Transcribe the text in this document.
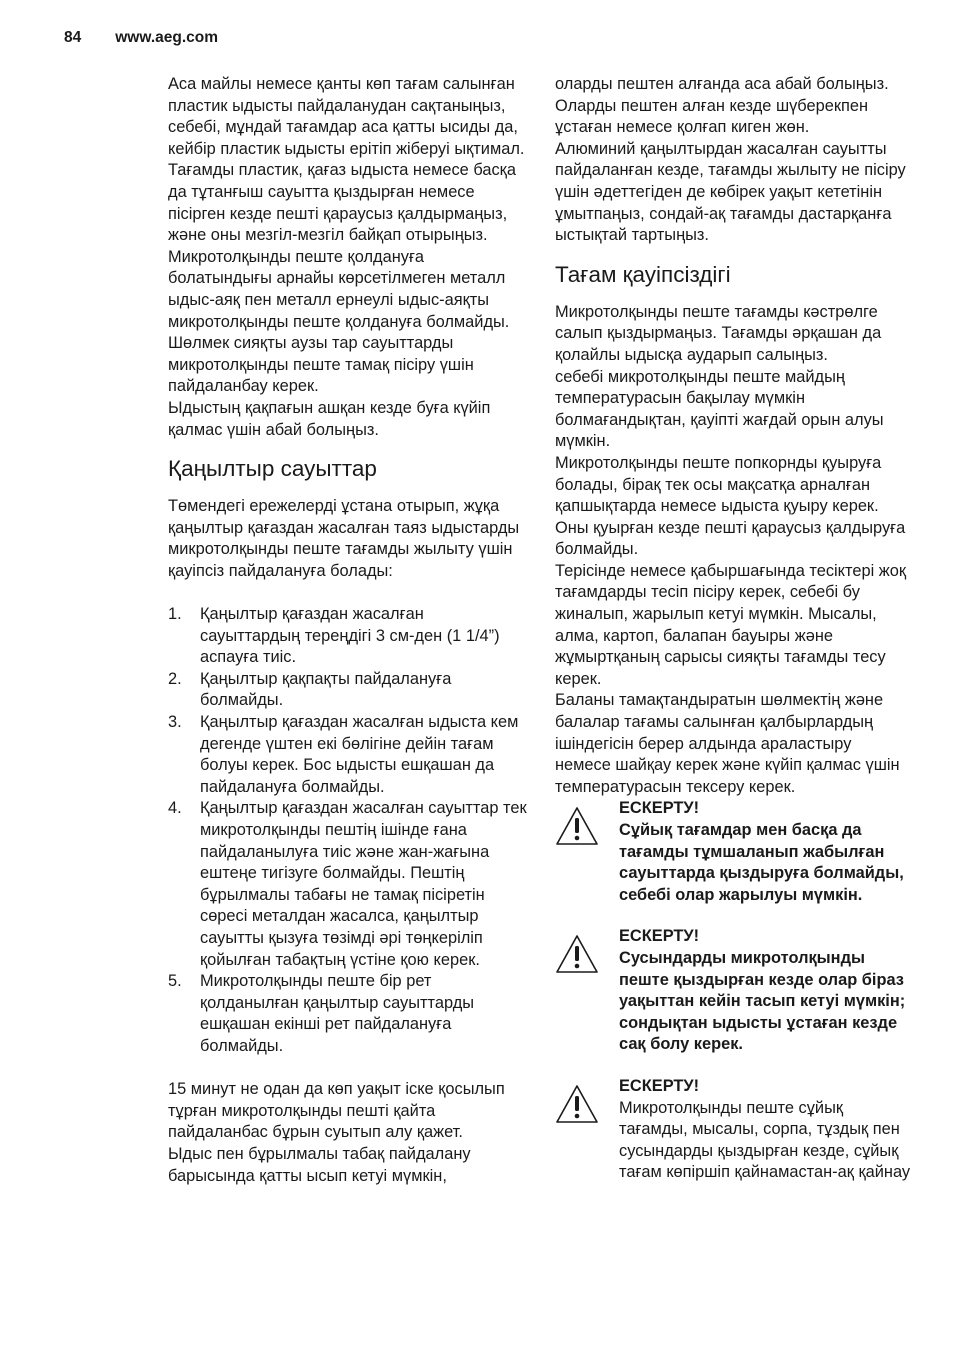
84 www.aeg.com

Аса майлы немесе қанты көп тағам салынған пластик ыдысты пайдаланудан сақтаныңыз, себебі, мұндай тағамдар аса қатты ысиды да, кейбір пластик ыдысты ерітіп жіберуі ықтимал.

Тағамды пластик, қағаз ыдыста немесе басқа да тұтанғыш сауытта қыздырған немесе пісірген кезде пешті қараусыз қалдырмаңыз, және оны мезгіл-мезгіл байқап отырыңыз.

Микротолқынды пеште қолдануға болатындығы арнайы көрсетілмеген металл ыдыс-аяқ пен металл ернеулі ыдыс-аяқты микротолқынды пеште қолдануға болмайды.

Шөлмек сияқты аузы тар сауыттарды микротолқынды пеште тамақ пісіру үшін пайдаланбау керек.

Ыдыстың қақпағын ашқан кезде буға күйіп қалмас үшін абай болыңыз.

Қаңылтыр сауыттар

Төмендегі ережелерді ұстана отырып, жұқа қаңылтыр қағаздан жасалған таяз ыдыстарды микротолқынды пеште тағамды жылыту үшін қауіпсіз пайдалануға болады:

1.	Қаңылтыр қағаздан жасалған сауыттардың тереңдігі 3 см-ден (1 1/4”) аспауға тиіс.
2.	Қаңылтыр қақпақты пайдалануға болмайды.
3.	Қаңылтыр қағаздан жасалған ыдыста кем дегенде үштен екі бөлігіне дейін тағам болуы керек. Бос ыдысты ешқашан да пайдалануға болмайды.
4.	Қаңылтыр қағаздан жасалған сауыттар тек микротолқынды пештің ішінде ғана пайдаланылуға тиіс және жан-жағына ештеңе тигізуге болмайды. Пештің бұрылмалы табағы не тамақ пісіретін сөресі металдан жасалса, қаңылтыр сауытты қызуға төзімді әрі төңкеріліп қойылған табақтың үстіне қою керек.
5.	Микротолқынды пеште бір рет қолданылған қаңылтыр сауыттарды ешқашан екінші рет пайдалануға болмайды.

15 минут не одан да көп уақыт іске қосылып тұрған микротолқынды пешті қайта пайдаланбас бұрын суытып алу қажет.

Ыдыс пен бұрылмалы табақ пайдалану барысында қатты ысып кетуі мүмкін,

оларды пештен алғанда аса абай болыңыз. Оларды пештен алған кезде шүберекпен ұстаған немесе қолғап киген жөн.

Алюминий қаңылтырдан жасалған сауытты пайдаланған кезде, тағамды жылыту не пісіру үшін әдеттегіден де көбірек уақыт кететінін ұмытпаңыз, сондай-ақ тағамды дастарқанға ыстықтай тартыңыз.

Тағам қауіпсіздігі

Микротолқынды пеште тағамды кәстрөлге салып қыздырмаңыз. Тағамды әрқашан да қолайлы ыдысқа аударып салыңыз.

себебі микротолқынды пеште майдың температурасын бақылау мүмкін болмағандықтан, қауіпті жағдай орын алуы мүмкін.

Микротолқынды пеште попкорнды қуыруға болады, бірақ тек осы мақсатқа арналған қапшықтарда немесе ыдыста қуыру керек. Оны қуырған кезде пешті қараусыз қалдыруға болмайды.

Терісінде немесе қабыршағында тесіктері жоқ тағамдарды тесіп пісіру керек, себебі бу жиналып, жарылып кетуі мүмкін. Мысалы, алма, картоп, балапан бауыры және жұмыртқаның сарысы сияқты тағамды тесу керек.

Баланы тамақтандыратын шөлмектің және балалар тағамы салынған қалбырлардың ішіндегісін берер алдында араластыру немесе шайқау керек және күйіп қалмас үшін температурасын тексеру керек.

ЕСКЕРТУ!
Сұйық тағамдар мен басқа да тағамды тұмшаланып жабылған сауыттарда қыздыруға болмайды, себебі олар жарылуы мүмкін.
ЕСКЕРТУ!
Сусындарды микротолқынды пеште қыздырған кезде олар біраз уақыттан кейін тасып кетуі мүмкін; сондықтан ыдысты ұстаған кезде сақ болу керек.
ЕСКЕРТУ!
Микротолқынды пеште сұйық тағамды, мысалы, сорпа, тұздық пен сусындарды қыздырған кезде, сұйық тағам көпіршіп қайнамастан-ақ қайнау
